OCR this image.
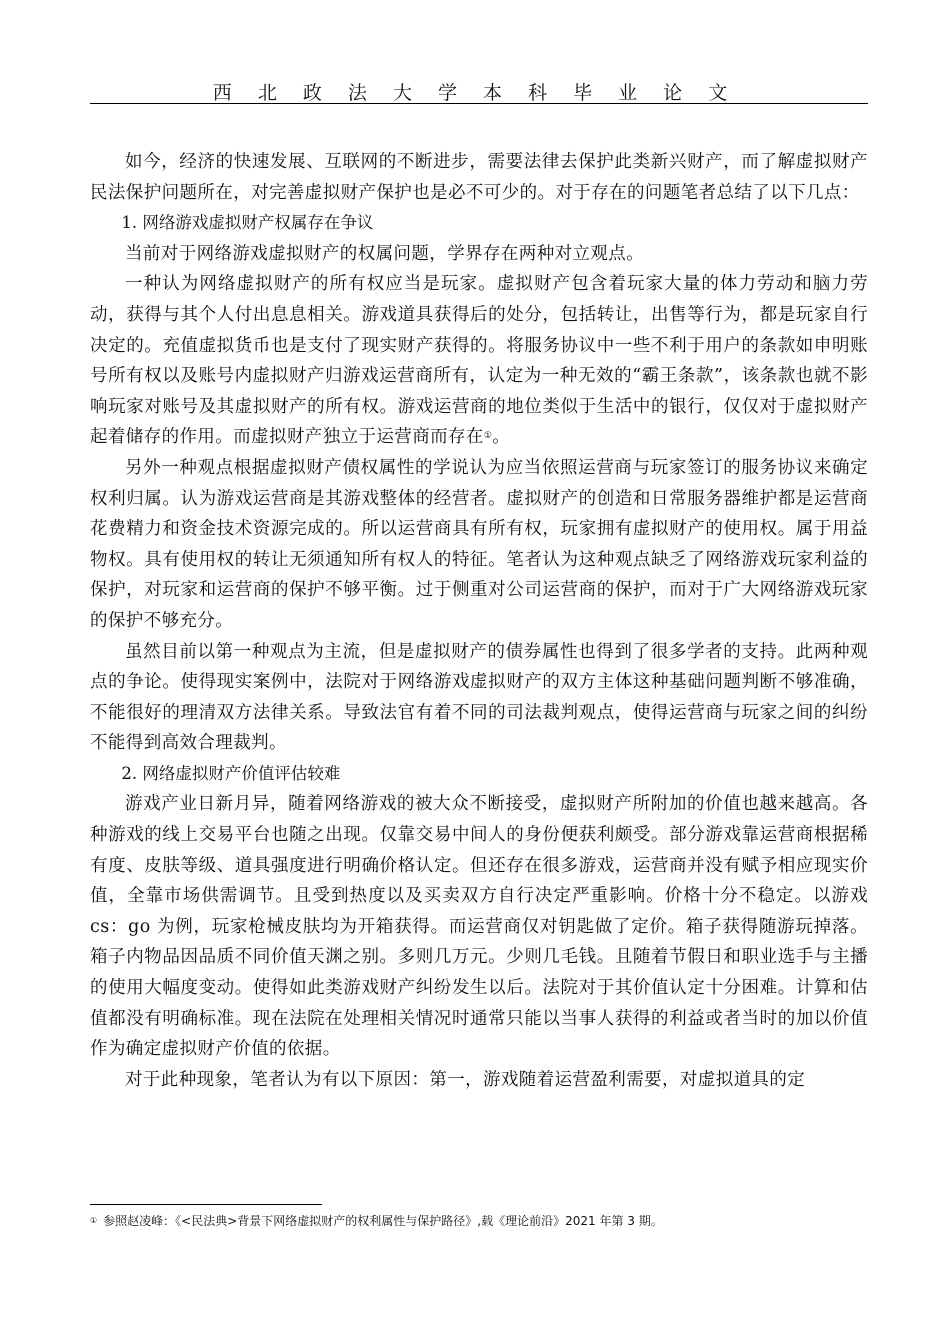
西 北 政 法 大 学 本 科 毕 业 论 文

如今，经济的快速发展、互联网的不断进步，需要法律去保护此类新兴财产，而了解虚拟财产民法保护问题所在，对完善虚拟财产保护也是必不可少的。对于存在的问题笔者总结了以下几点：

1. 网络游戏虚拟财产权属存在争议

当前对于网络游戏虚拟财产的权属问题，学界存在两种对立观点。

一种认为网络虚拟财产的所有权应当是玩家。虚拟财产包含着玩家大量的体力劳动和脑力劳动，获得与其个人付出息息相关。游戏道具获得后的处分，包括转让，出售等行为，都是玩家自行决定的。充值虚拟货币也是支付了现实财产获得的。将服务协议中一些不利于用户的条款如申明账号所有权以及账号内虚拟财产归游戏运营商所有，认定为一种无效的“霸王条款”，该条款也就不影响玩家对账号及其虚拟财产的所有权。游戏运营商的地位类似于生活中的银行，仅仅对于虚拟财产起着储存的作用。而虚拟财产独立于运营商而存在①。

另外一种观点根据虚拟财产债权属性的学说认为应当依照运营商与玩家签订的服务协议来确定权利归属。认为游戏运营商是其游戏整体的经营者。虚拟财产的创造和日常服务器维护都是运营商花费精力和资金技术资源完成的。所以运营商具有所有权，玩家拥有虚拟财产的使用权。属于用益物权。具有使用权的转让无须通知所有权人的特征。笔者认为这种观点缺乏了网络游戏玩家利益的保护，对玩家和运营商的保护不够平衡。过于侧重对公司运营商的保护，而对于广大网络游戏玩家的保护不够充分。

虽然目前以第一种观点为主流，但是虚拟财产的债券属性也得到了很多学者的支持。此两种观点的争论。使得现实案例中，法院对于网络游戏虚拟财产的双方主体这种基础问题判断不够准确，不能很好的理清双方法律关系。导致法官有着不同的司法裁判观点，使得运营商与玩家之间的纠纷不能得到高效合理裁判。

2. 网络虚拟财产价值评估较难

游戏产业日新月异，随着网络游戏的被大众不断接受，虚拟财产所附加的价值也越来越高。各种游戏的线上交易平台也随之出现。仅靠交易中间人的身份便获利颇受。部分游戏靠运营商根据稀有度、皮肤等级、道具强度进行明确价格认定。但还存在很多游戏，运营商并没有赋予相应现实价值，全靠市场供需调节。且受到热度以及买卖双方自行决定严重影响。价格十分不稳定。以游戏 cs：go 为例，玩家枪械皮肤均为开箱获得。而运营商仅对钥匙做了定价。箱子获得随游玩掉落。箱子内物品因品质不同价值天渊之别。多则几万元。少则几毛钱。且随着节假日和职业选手与主播的使用大幅度变动。使得如此类游戏财产纠纷发生以后。法院对于其价值认定十分困难。计算和估值都没有明确标准。现在法院在处理相关情况时通常只能以当事人获得的利益或者当时的加以价值作为确定虚拟财产价值的依据。

对于此种现象，笔者认为有以下原因：第一，游戏随着运营盈利需要，对虚拟道具的定

① 参照赵凌峰：《<民法典>背景下网络虚拟财产的权利属性与保护路径》,载《理论前沿》2021 年第 3 期。
